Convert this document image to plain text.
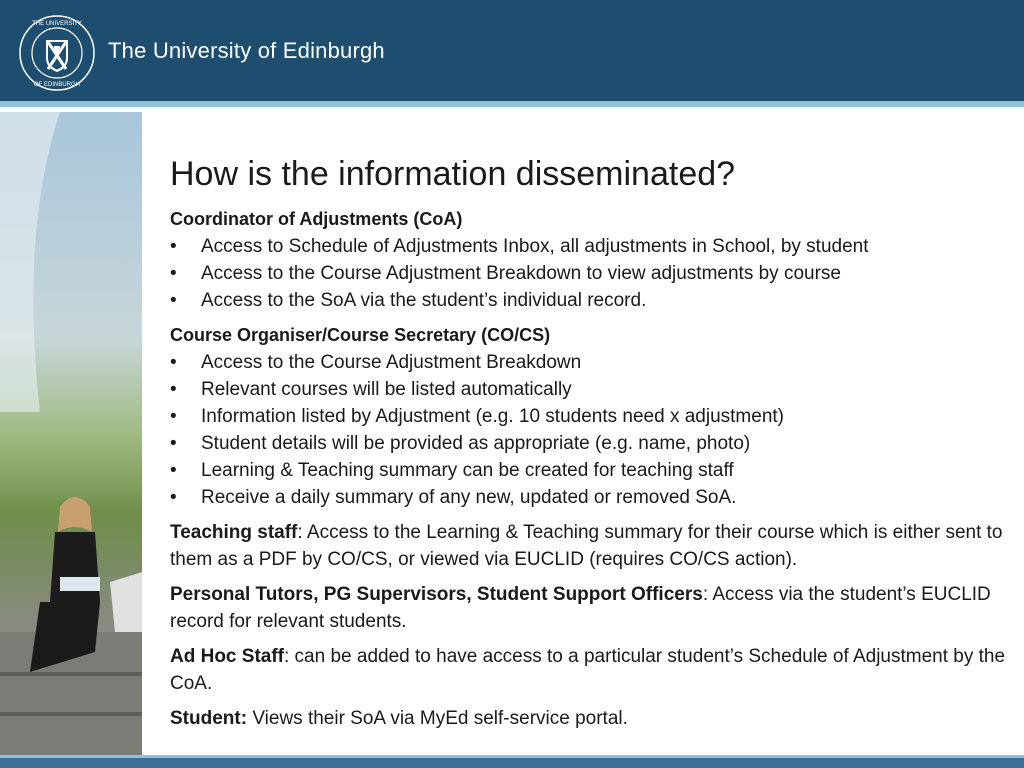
THE UNIVERSITY
OF EDINBURGH
The University of Edinburgh
How is the information disseminated?
Coordinator of Adjustments (CoA)
• Access to Schedule of Adjustments Inbox, all adjustments in School, by student
• Access to the Course Adjustment Breakdown to view adjustments by course
• Access to the SoA via the student’s individual record.
Course Organiser/Course Secretary (CO/CS)
• Access to the Course Adjustment Breakdown
• Relevant courses will be listed automatically
• Information listed by Adjustment (e.g. 10 students need x adjustment)
• Student details will be provided as appropriate (e.g. name, photo)
• Learning & Teaching summary can be created for teaching staff
• Receive a daily summary of any new, updated or removed SoA.
Teaching staff: Access to the Learning & Teaching summary for their course which is either sent to them as a PDF by CO/CS, or viewed via EUCLID (requires CO/CS action).
Personal Tutors, PG Supervisors, Student Support Officers: Access via the student’s EUCLID record for relevant students.
Ad Hoc Staff: can be added to have access to a particular student’s Schedule of Adjustment by the CoA.
Student: Views their SoA via MyEd self-service portal.
